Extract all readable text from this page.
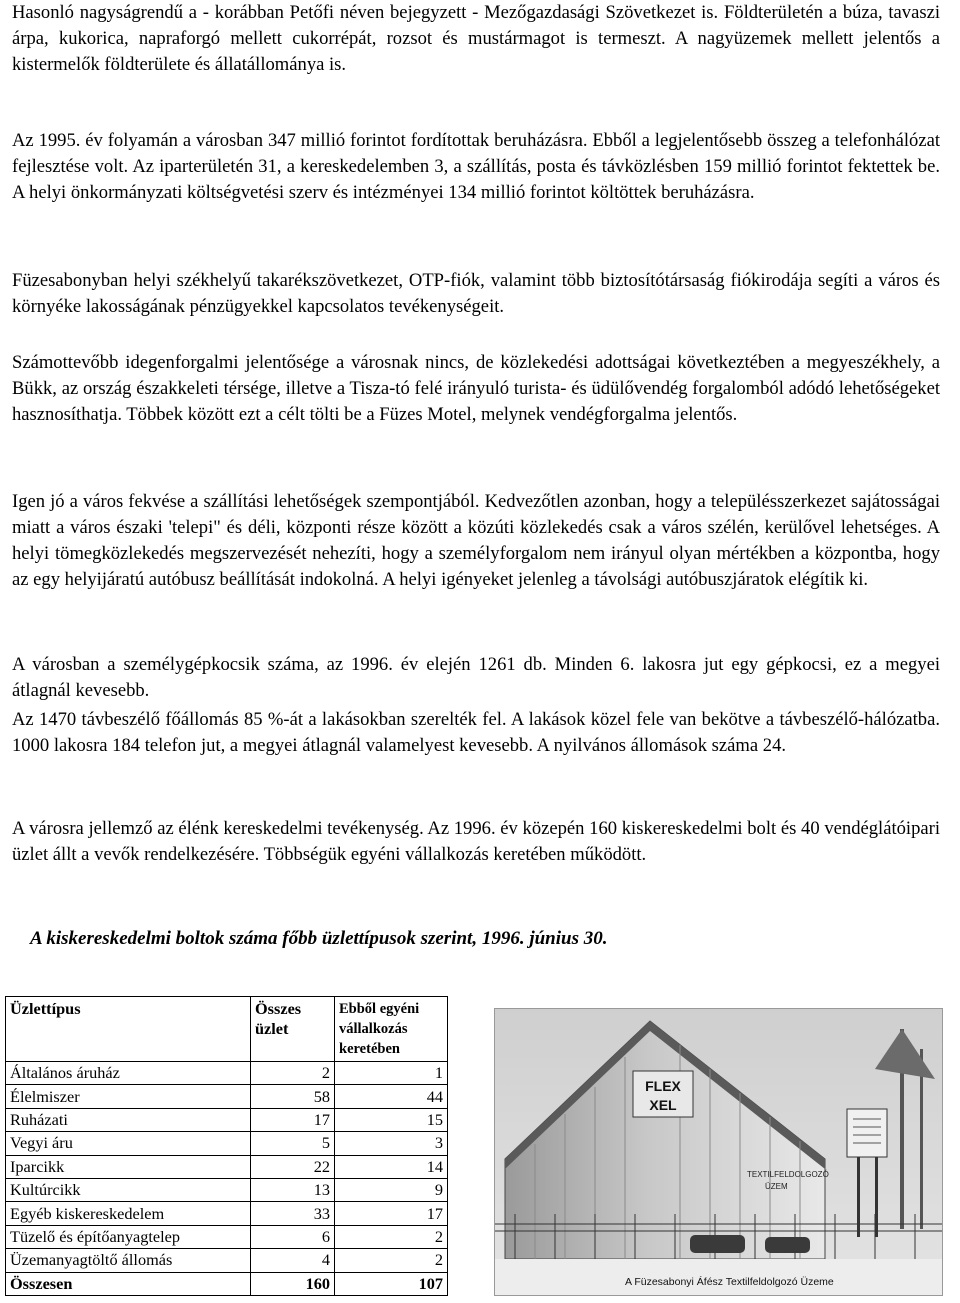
Hasonló nagyságrendű a - korábban Petőfi néven bejegyzett - Mezőgazdasági Szövetkezet is. Földterületén a búza, tavaszi árpa, kukorica, napraforgó mellett cukorrépát, rozsot és mustármagot is termeszt. A nagyüzemek mellett jelentős a kistermelők földterülete és állatállománya is.

Az 1995. év folyamán a városban 347 millió forintot fordítottak beruházásra. Ebből a legjelentősebb összeg a telefonhálózat fejlesztése volt. Az iparterületén 31, a kereskedelemben 3, a szállítás, posta és távközlésben 159 millió forintot fektettek be. A helyi önkormányzati költségvetési szerv és intézményei 134 millió forintot költöttek beruházásra.

Füzesabonyban helyi székhelyű takarékszövetkezet, OTP-fiók, valamint több biztosítótársaság fiókirodája segíti a város és környéke lakosságának pénzügyekkel kapcsolatos tevékenységeit.

Számottevőbb idegenforgalmi jelentősége a városnak nincs, de közlekedési adottságai következtében a megyeszékhely, a Bükk, az ország északkeleti térsége, illetve a Tisza-tó felé irányuló turista- és üdülővendég forgalomból adódó lehetőségeket hasznosíthatja. Többek között ezt a célt tölti be a Füzes Motel, melynek vendégforgalma jelentős.

Igen jó a város fekvése a szállítási lehetőségek szempontjából. Kedvezőtlen azonban, hogy a településszerkezet sajátosságai miatt a város északi 'telepi" és déli, központi része között a közúti közlekedés csak a város szélén, kerülővel lehetséges. A helyi tömegközlekedés megszervezését nehezíti, hogy a személyforgalom nem irányul olyan mértékben a központba, hogy az egy helyijáratú autóbusz beállítását indokolná. A helyi igényeket jelenleg a távolsági autóbuszjáratok elégítik ki.

A városban a személygépkocsik száma, az 1996. év elején 1261 db. Minden 6. lakosra jut egy gépkocsi, ez a megyei átlagnál kevesebb.

Az 1470 távbeszélő főállomás 85 %-át a lakásokban szerelték fel. A lakások közel fele van bekötve a távbeszélő-hálózatba. 1000 lakosra 184 telefon jut, a megyei átlagnál valamelyest kevesebb. A nyilvános állomások száma 24.

A városra jellemző az élénk kereskedelmi tevékenység. Az 1996. év közepén 160 kiskereskedelmi bolt és 40 vendéglátóipari üzlet állt a vevők rendelkezésére. Többségük egyéni vállalkozás keretében működött.

A kiskereskedelmi boltok száma főbb üzlettípusok szerint, 1996. június 30.
Üzlettípus	Összes üzlet	Ebből egyéni vállalkozás keretében
Általános áruház	2	1
Élelmiszer	58	44
Ruházati	17	15
Vegyi áru	5	3
Iparcikk	22	14
Kultúrcikk	13	9
Egyéb kiskereskedelem	33	17
Tüzelő és építőanyagtelep	6	2
Üzemanyagtöltő állomás	4	2
Összesen	160	107
FLEX
XEL
TEXTILFELDOLGOZÓ
ÜZEM
A Füzesabonyi Áfész Textilfeldolgozó Üzeme
